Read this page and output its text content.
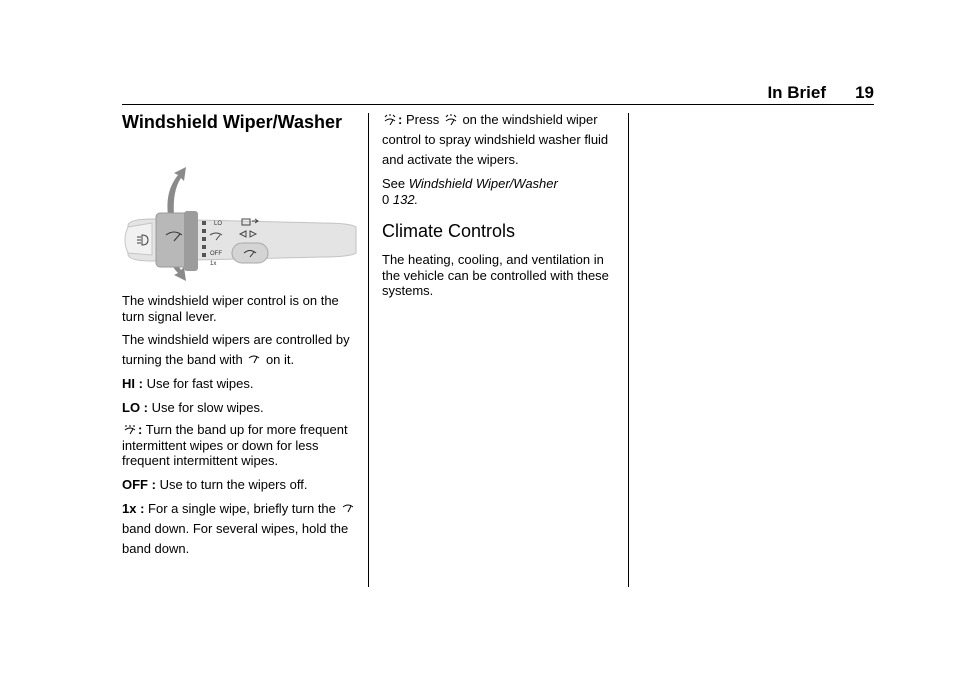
In Brief 19
Windshield Wiper/Washer
LO
OFF
1x

The windshield wiper control is on the turn signal lever.

The windshield wipers are controlled by turning the band with on it.

HI : Use for fast wipes.

LO : Use for slow wipes.

: Turn the band up for more frequent intermittent wipes or down for less frequent intermittent wipes.

OFF : Use to turn the wipers off.

1x : For a single wipe, briefly turn the  band down. For several wipes, hold the band down.

: Press on the windshield wiper control to spray windshield washer fluid and activate the wipers.

See Windshield Wiper/Washer
0 132.

Climate Controls

The heating, cooling, and ventilation in the vehicle can be controlled with these systems.
